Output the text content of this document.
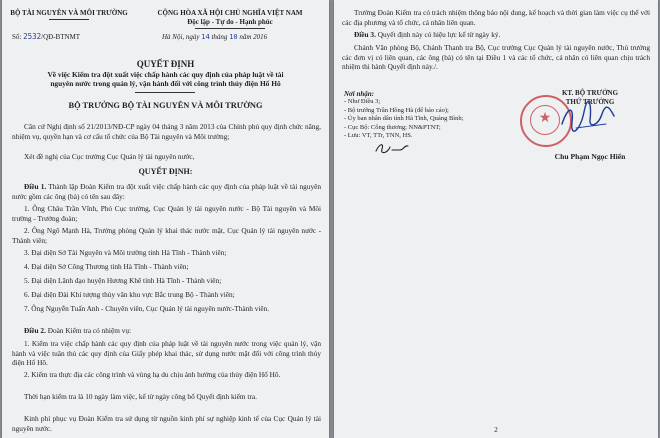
BỘ TÀI NGUYÊN VÀ MÔI TRƯỜNG	CỘNG HÒA XÃ HỘI CHỦ NGHĨA VIỆT NAM
Độc lập - Tự do - Hạnh phúc
Số: 2532/QĐ-BTNMT	Hà Nội, ngày 14 tháng 10 năm 2016
QUYẾT ĐỊNH
Về việc Kiểm tra đột xuất việc chấp hành các quy định của pháp luật về tài
nguyên nước trong quản lý, vận hành đối với công trình thủy điện Hố Hô
BỘ TRƯỞNG BỘ TÀI NGUYÊN VÀ MÔI TRƯỜNG
Căn cứ Nghị định số 21/2013/NĐ-CP ngày 04 tháng 3 năm 2013 của Chính phủ quy định chức năng, nhiệm vụ, quyền hạn và cơ cấu tổ chức của Bộ Tài nguyên và Môi trường;
Xét đề nghị của Cục trưởng Cục Quản lý tài nguyên nước,
QUYẾT ĐỊNH:
Điều 1. Thành lập Đoàn Kiểm tra đột xuất việc chấp hành các quy định của pháp luật về tài nguyên nước gồm các ông (bà) có tên sau đây:
1. Ông Châu Trần Vĩnh, Phó Cục trưởng, Cục Quản lý tài nguyên nước - Bộ Tài nguyên và Môi trường - Trưởng đoàn;
2. Ông Ngô Mạnh Hà, Trưởng phòng Quản lý khai thác nước mặt, Cục Quản lý tài nguyên nước - Thành viên;
3. Đại diện Sở Tài Nguyên và Môi trường tỉnh Hà Tĩnh - Thành viên;
4. Đại diện Sở Công Thương tỉnh Hà Tĩnh - Thành viên;
5. Đại diện Lãnh đạo huyện Hương Khê tỉnh Hà Tĩnh - Thành viên;
6. Đại diện Đài Khí tượng thủy văn khu vực Bắc trung Bộ - Thành viên;
7. Ông Nguyễn Tuấn Anh - Chuyên viên, Cục Quản lý tài nguyên nước-Thành viên.
Điều 2. Đoàn Kiểm tra có nhiệm vụ:
1. Kiểm tra việc chấp hành các quy định của pháp luật về tài nguyên nước trong việc quản lý, vận hành và việc tuân thủ các quy định của Giấy phép khai thác, sử dụng nước mặt đối với công trình thủy điện Hố Hô.
2. Kiểm tra thực địa các công trình và vùng hạ du chịu ảnh hưởng của thủy điện Hố Hô.
Thời hạn kiểm tra là 10 ngày làm việc, kể từ ngày công bố Quyết định kiểm tra.
Kinh phí phục vụ Đoàn Kiểm tra sử dụng từ nguồn kinh phí sự nghiệp kinh tế của Cục Quản lý tài nguyên nước.
Trưởng Đoàn Kiểm tra có trách nhiệm thông báo nội dung, kế hoạch và thời gian làm việc cụ thể với các địa phương và tổ chức, cá nhân liên quan.
Điều 3. Quyết định này có hiệu lực kể từ ngày ký.
Chánh Văn phòng Bộ, Chánh Thanh tra Bộ, Cục trưởng Cục Quản lý tài nguyên nước, Thủ trưởng các đơn vị có liên quan, các ông (bà) có tên tại Điều 1 và các tổ chức, cá nhân có liên quan chịu trách nhiệm thi hành Quyết định này./.
Nơi nhận:
- Như Điều 3;
- Bộ trưởng Trần Hồng Hà (để báo cáo);
- Ủy ban nhân dân tỉnh Hà Tĩnh, Quảng Bình;
- Cục Bộ: Công thương; NN&PTNT;
- Lưu: VT, TTr, TNN, HS.
KT. BỘ TRƯỞNG
THỨ TRƯỞNG
★
Chu Phạm Ngọc Hiển
2
